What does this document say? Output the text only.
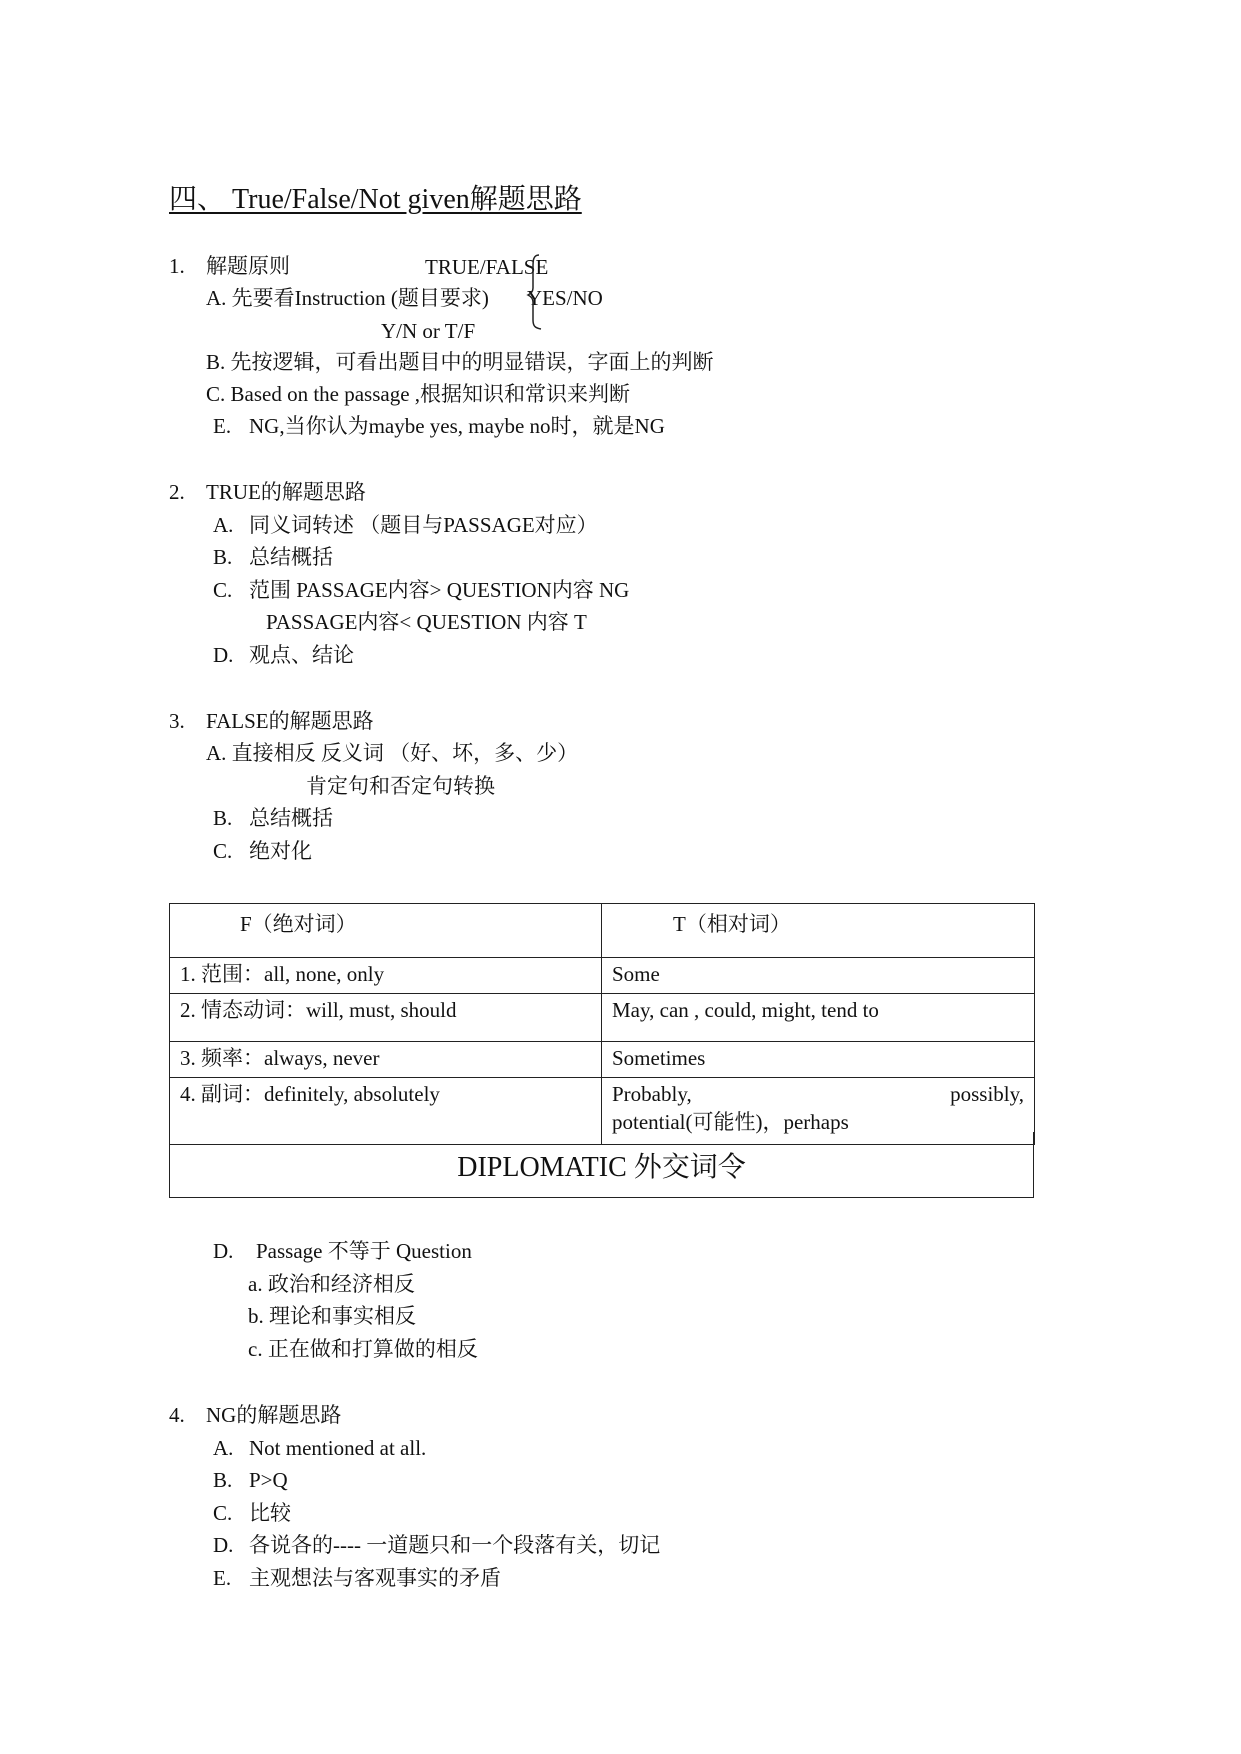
四、 True/False/Not given解题思路
1. 解题原则	TRUE/FALSE
A. 先要看Instruction (题目要求) YES/NO
Y/N or T/F
B. 先按逻辑，可看出题目中的明显错误，字面上的判断
C. Based on the passage ,根据知识和常识来判断
E. NG,当你认为maybe yes, maybe no时，就是NG
2. TRUE的解题思路
A. 同义词转述 （题目与PASSAGE对应）
B. 总结概括
C. 范围 PASSAGE内容> QUESTION内容 NG
PASSAGE内容< QUESTION 内容 T
D. 观点、结论
3. FALSE的解题思路
A. 直接相反 反义词 （好、坏，多、少）
肯定句和否定句转换
B. 总结概括
C. 绝对化
F（绝对词）	T（相对词）
1. 范围：all, none, only	Some
2. 情态动词：will, must, should	May, can , could, might, tend to
3. 频率：always, never	Sometimes
4. 副词：definitely, absolutely	Probably, possibly,
potential(可能性)，perhaps
DIPLOMATIC 外交词令
D. Passage 不等于 Question
a. 政治和经济相反
b. 理论和事实相反
c. 正在做和打算做的相反
4. NG的解题思路
A. Not mentioned at all.
B. P>Q
C. 比较
D. 各说各的---- 一道题只和一个段落有关，切记
E. 主观想法与客观事实的矛盾
